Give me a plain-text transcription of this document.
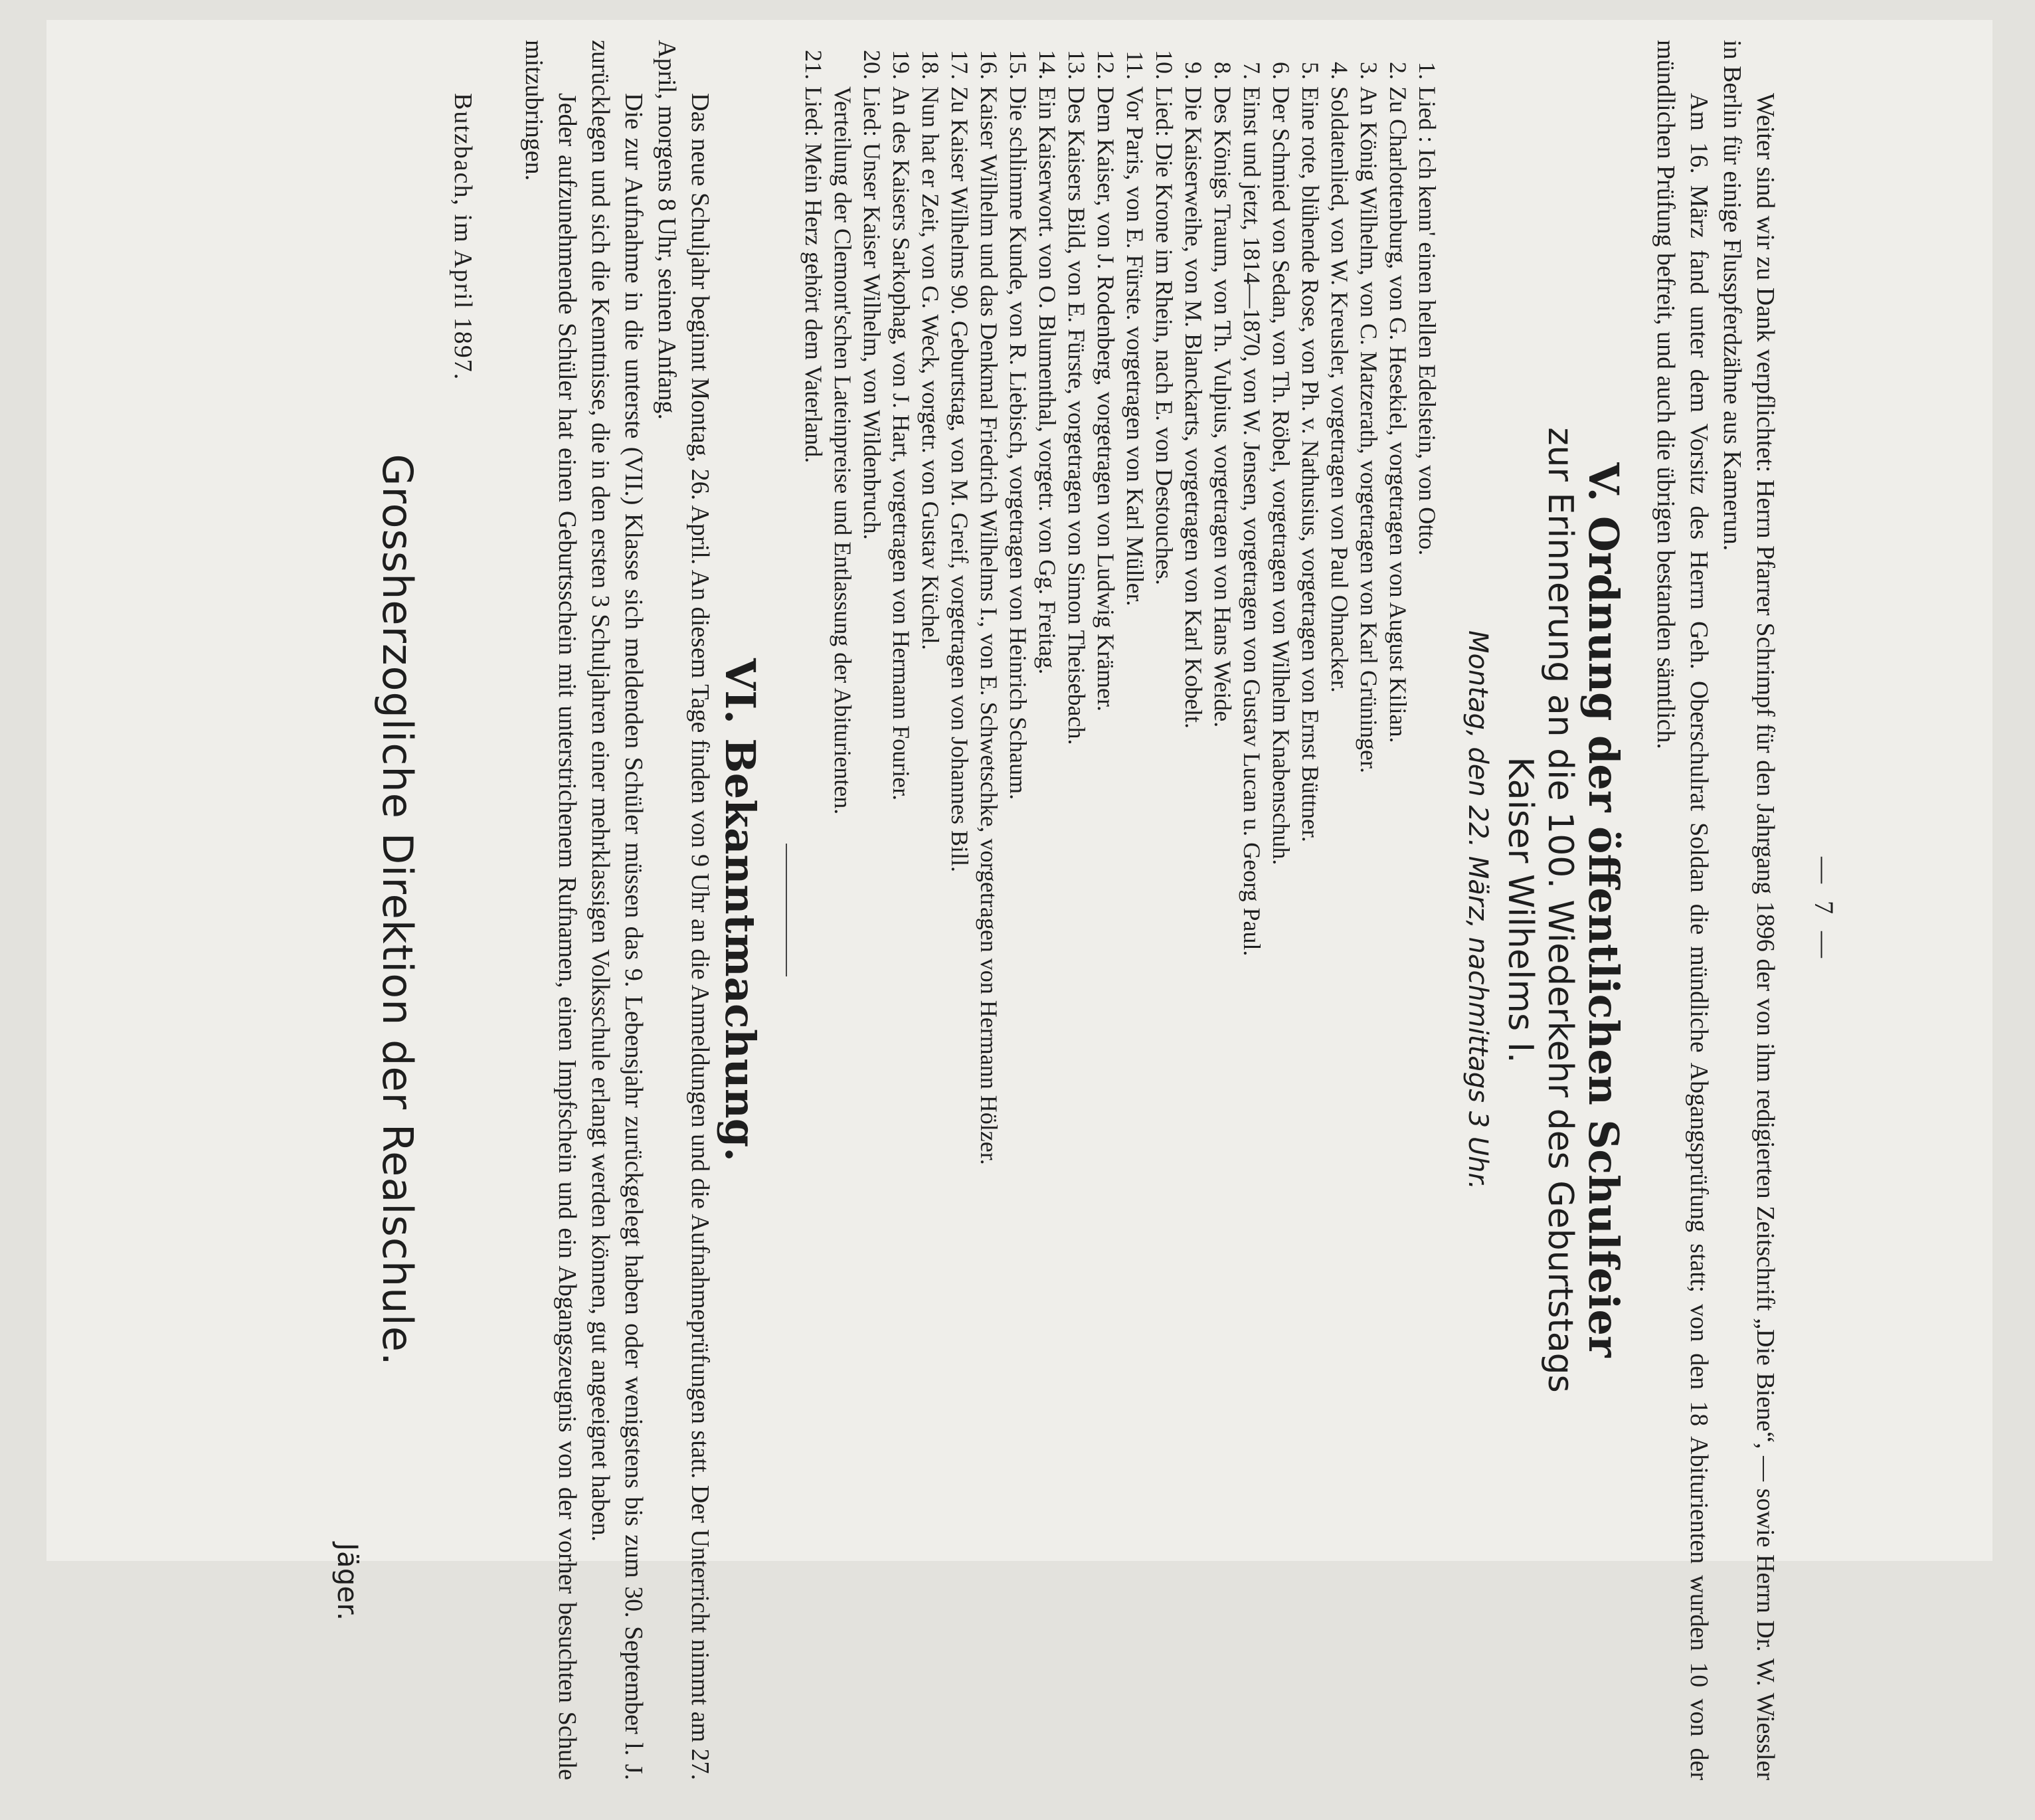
— 7 —

Weiter sind wir zu Dank verpflichtet: Herrn Pfarrer Schrimpf für den Jahrgang 1896 der von ihm redigierten Zeitschrift „Die Biene“, — sowie Herrn Dr. W. Wiessler in Berlin für einige Flusspferdzähne aus Kamerun.

Am 16. März fand unter dem Vorsitz des Herrn Geh. Oberschulrat Soldan die mündliche Abgangsprüfung statt; von den 18 Abiturienten wurden 10 von der mündlichen Prüfung befreit, und auch die übrigen bestanden sämtlich.

V. Ordnung der öffentlichen Schulfeier
zur Erinnerung an die 100. Wiederkehr des Geburtstags
Kaiser Wilhelms I.
Montag, den 22. März, nachmittags 3 Uhr.
1.
Lied : Ich kenn' einen hellen Edelstein, von Otto.
2.
Zu Charlottenburg, von G. Hesekiel, vorgetragen von August Kilian.
3.
An König Wilhelm, von C. Matzerath, vorgetragen von Karl Grüninger.
4.
Soldatenlied, von W. Kreusler, vorgetragen von Paul Ohnacker.
5.
Eine rote, blühende Rose, von Ph. v. Nathusius, vorgetragen von Ernst Büttner.
6.
Der Schmied von Sedan, von Th. Röbel, vorgetragen von Wilhelm Knabenschuh.
7.
Einst und jetzt, 1814—1870, von W. Jensen, vorgetragen von Gustav Lucan u. Georg Paul.
8.
Des Königs Traum, von Th. Vulpius, vorgetragen von Hans Weide.
9.
Die Kaiserweihe, von M. Blanckarts, vorgetragen von Karl Kobelt.
10.
Lied: Die Krone im Rhein, nach E. von Destouches.
11.
Vor Paris, von E. Fürste. vorgetragen von Karl Müller.
12.
Dem Kaiser, von J. Rodenberg, vorgetragen von Ludwig Krämer.
13.
Des Kaisers Bild, von E. Fürste, vorgetragen von Simon Theisebach.
14.
Ein Kaiserwort. von O. Blumenthal, vorgetr. von Gg. Freitag.
15.
Die schlimme Kunde, von R. Liebisch, vorgetragen von Heinrich Schaum.
16.
Kaiser Wilhelm und das Denkmal Friedrich Wilhelms I., von E. Schwetschke, vorgetragen von Hermann Hölzer.
17.
Zu Kaiser Wilhelms 90. Geburtstag, von M. Greif, vorgetragen von Johannes Bill.
18.
Nun hat er Zeit, von G. Weck, vorgetr. von Gustav Küchel.
19.
An des Kaisers Sarkophag, von J. Hart, vorgetragen von Hermann Fourier.
20.
Lied: Unser Kaiser Wilhelm, von Wildenbruch.
Verteilung der Clemont'schen Lateinpreise und Entlassung der Abiturienten.
21.
Lied: Mein Herz gehört dem Vaterland.
VI. Bekanntmachung.

Das neue Schuljahr beginnt Montag, 26. April. An diesem Tage finden von 9 Uhr an die Anmeldungen und die Aufnahmeprüfungen statt. Der Unterricht nimmt am 27. April, morgens 8 Uhr, seinen Anfang.

Die zur Aufnahme in die unterste (VII.) Klasse sich meldenden Schüler müssen das 9. Lebensjahr zurückgelegt haben oder wenigstens bis zum 30. September l. J. zurücklegen und sich die Kenntnisse, die in den ersten 3 Schuljahren einer mehrklassigen Volksschule erlangt werden können, gut angeeignet haben.

Jeder aufzunehmende Schüler hat einen Geburtsschein mit unterstrichenem Rufnamen, einen Impfschein und ein Abgangszeugnis von der vorher besuchten Schule mitzubringen.

Butzbach, im April 1897.
Grossherzogliche Direktion der Realschule.
Jäger.
